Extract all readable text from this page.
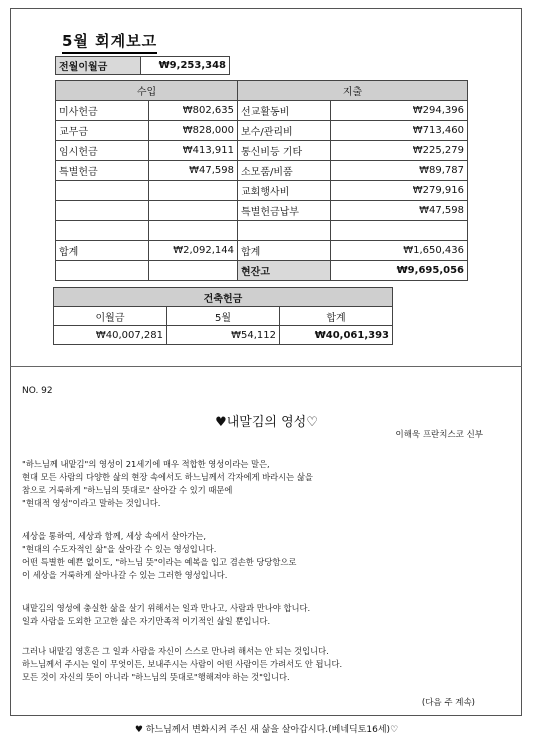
5월 회계보고
전월이월금	₩9,253,348
수입		지출	
미사헌금	₩802,635	선교활동비	₩294,396
교무금	₩828,000	보수/관리비	₩713,460
임시헌금	₩413,911	통신비등 기타	₩225,279
특별헌금	₩47,598	소모품/비품	₩89,787
		교회행사비	₩279,916
		특별헌금납부	₩47,598

합계	₩2,092,144	합계	₩1,650,436
		현잔고	₩9,695,056
건축헌금		
이월금	5월	합계
₩40,007,281	₩54,112	₩40,061,393
NO. 92
♥내말김의 영성♡
이해욱 프란치스코 신부
"하느님께 내맡김"의 영성이 21세기에 매우 적합한 영성이라는 말은,
현대 모든 사람의 다양한 삶의 현장 속에서도 하느님께서 각자에게 바라시는 삶을
참으로 거룩하게 "하느님의 뜻대로" 살아갈 수 있기 때문에
"현대적 영성"이라고 말하는 것입니다.
세상을 통하여, 세상과 함께, 세상 속에서 살아가는,
"현대의 수도자적인 삶"을 살아갈 수 있는 영성입니다.
어떤 특별한 예쁜 없이도, "하느님 뜻"이라는 예복을 입고 겸손한 당당함으로
이 세상을 거룩하게 살아나갈 수 있는 그러한 영성입니다.
내맡김의 영성에 충실한 삶을 살기 위해서는 일과 만나고, 사람과 만나야 합니다.
일과 사람을 도외한 고고한 삶은 자기만족적 이기적인 삶일 뿐입니다.
그러나 내맡김 영혼은 그 일과 사람을 자신이 스스로 만나려 해서는 안 되는 것입니다.
하느님께서 주시는 일이 무엇이든, 보내주시는 사람이 어떤 사람이든 가려서도 안 됩니다.
모든 것이 자신의 뜻이 아니라 "하느님의 뜻대로"행해져야 하는 것"입니다.
(다음 주 계속)
♥ 하느님께서 변화시켜 주신 새 삶을 살아갑시다.(베네딕토16세)♡
